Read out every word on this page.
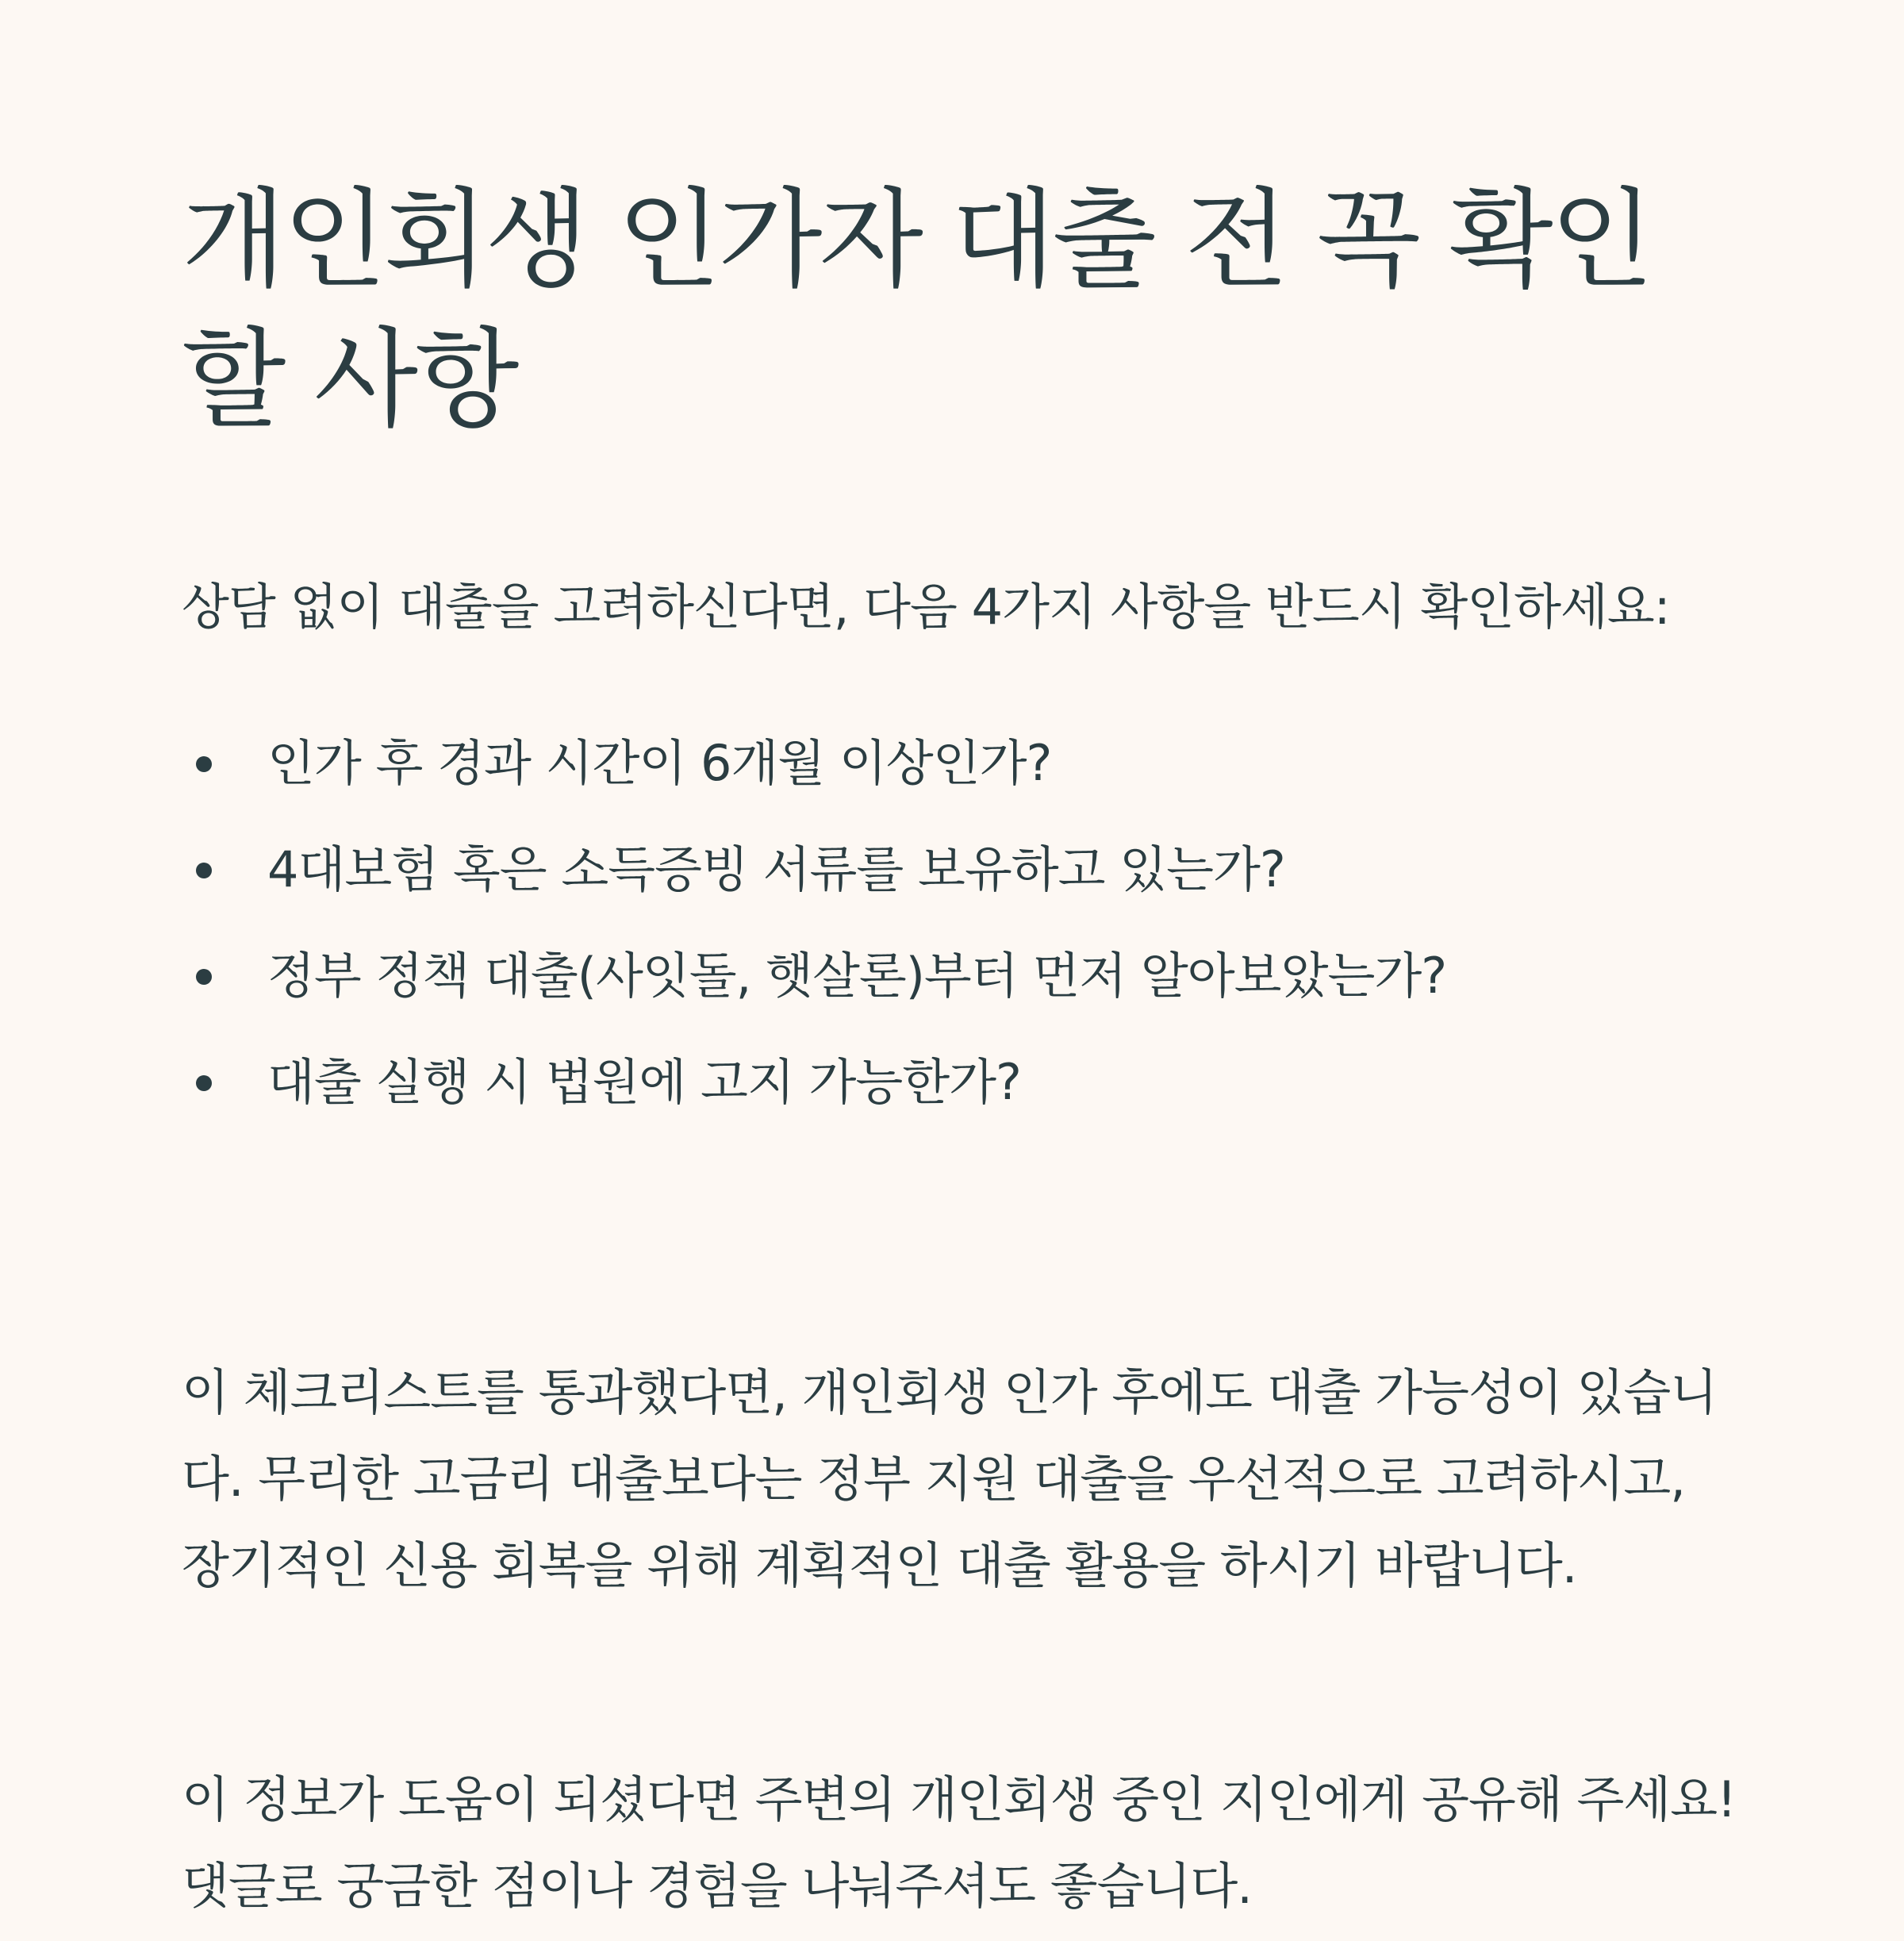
개인회생 인가자 대출 전 꼭 확인할 사항

상담 없이 대출을 고려하신다면, 다음 4가지 사항을 반드시 확인하세요:

인가 후 경과 시간이 6개월 이상인가?
4대보험 혹은 소득증빙 서류를 보유하고 있는가?
정부 정책 대출(사잇돌, 햇살론)부터 먼저 알아보았는가?
대출 실행 시 법원에 고지 가능한가?

이 체크리스트를 통과했다면, 개인회생 인가 후에도 대출 가능성이 있습니다. 무리한 고금리 대출보다는 정부 지원 대출을 우선적으로 고려하시고, 장기적인 신용 회복을 위해 계획적인 대출 활용을 하시기 바랍니다.

이 정보가 도움이 되셨다면 주변의 개인회생 중인 지인에게 공유해 주세요! 댓글로 궁금한 점이나 경험을 나눠주셔도 좋습니다.
